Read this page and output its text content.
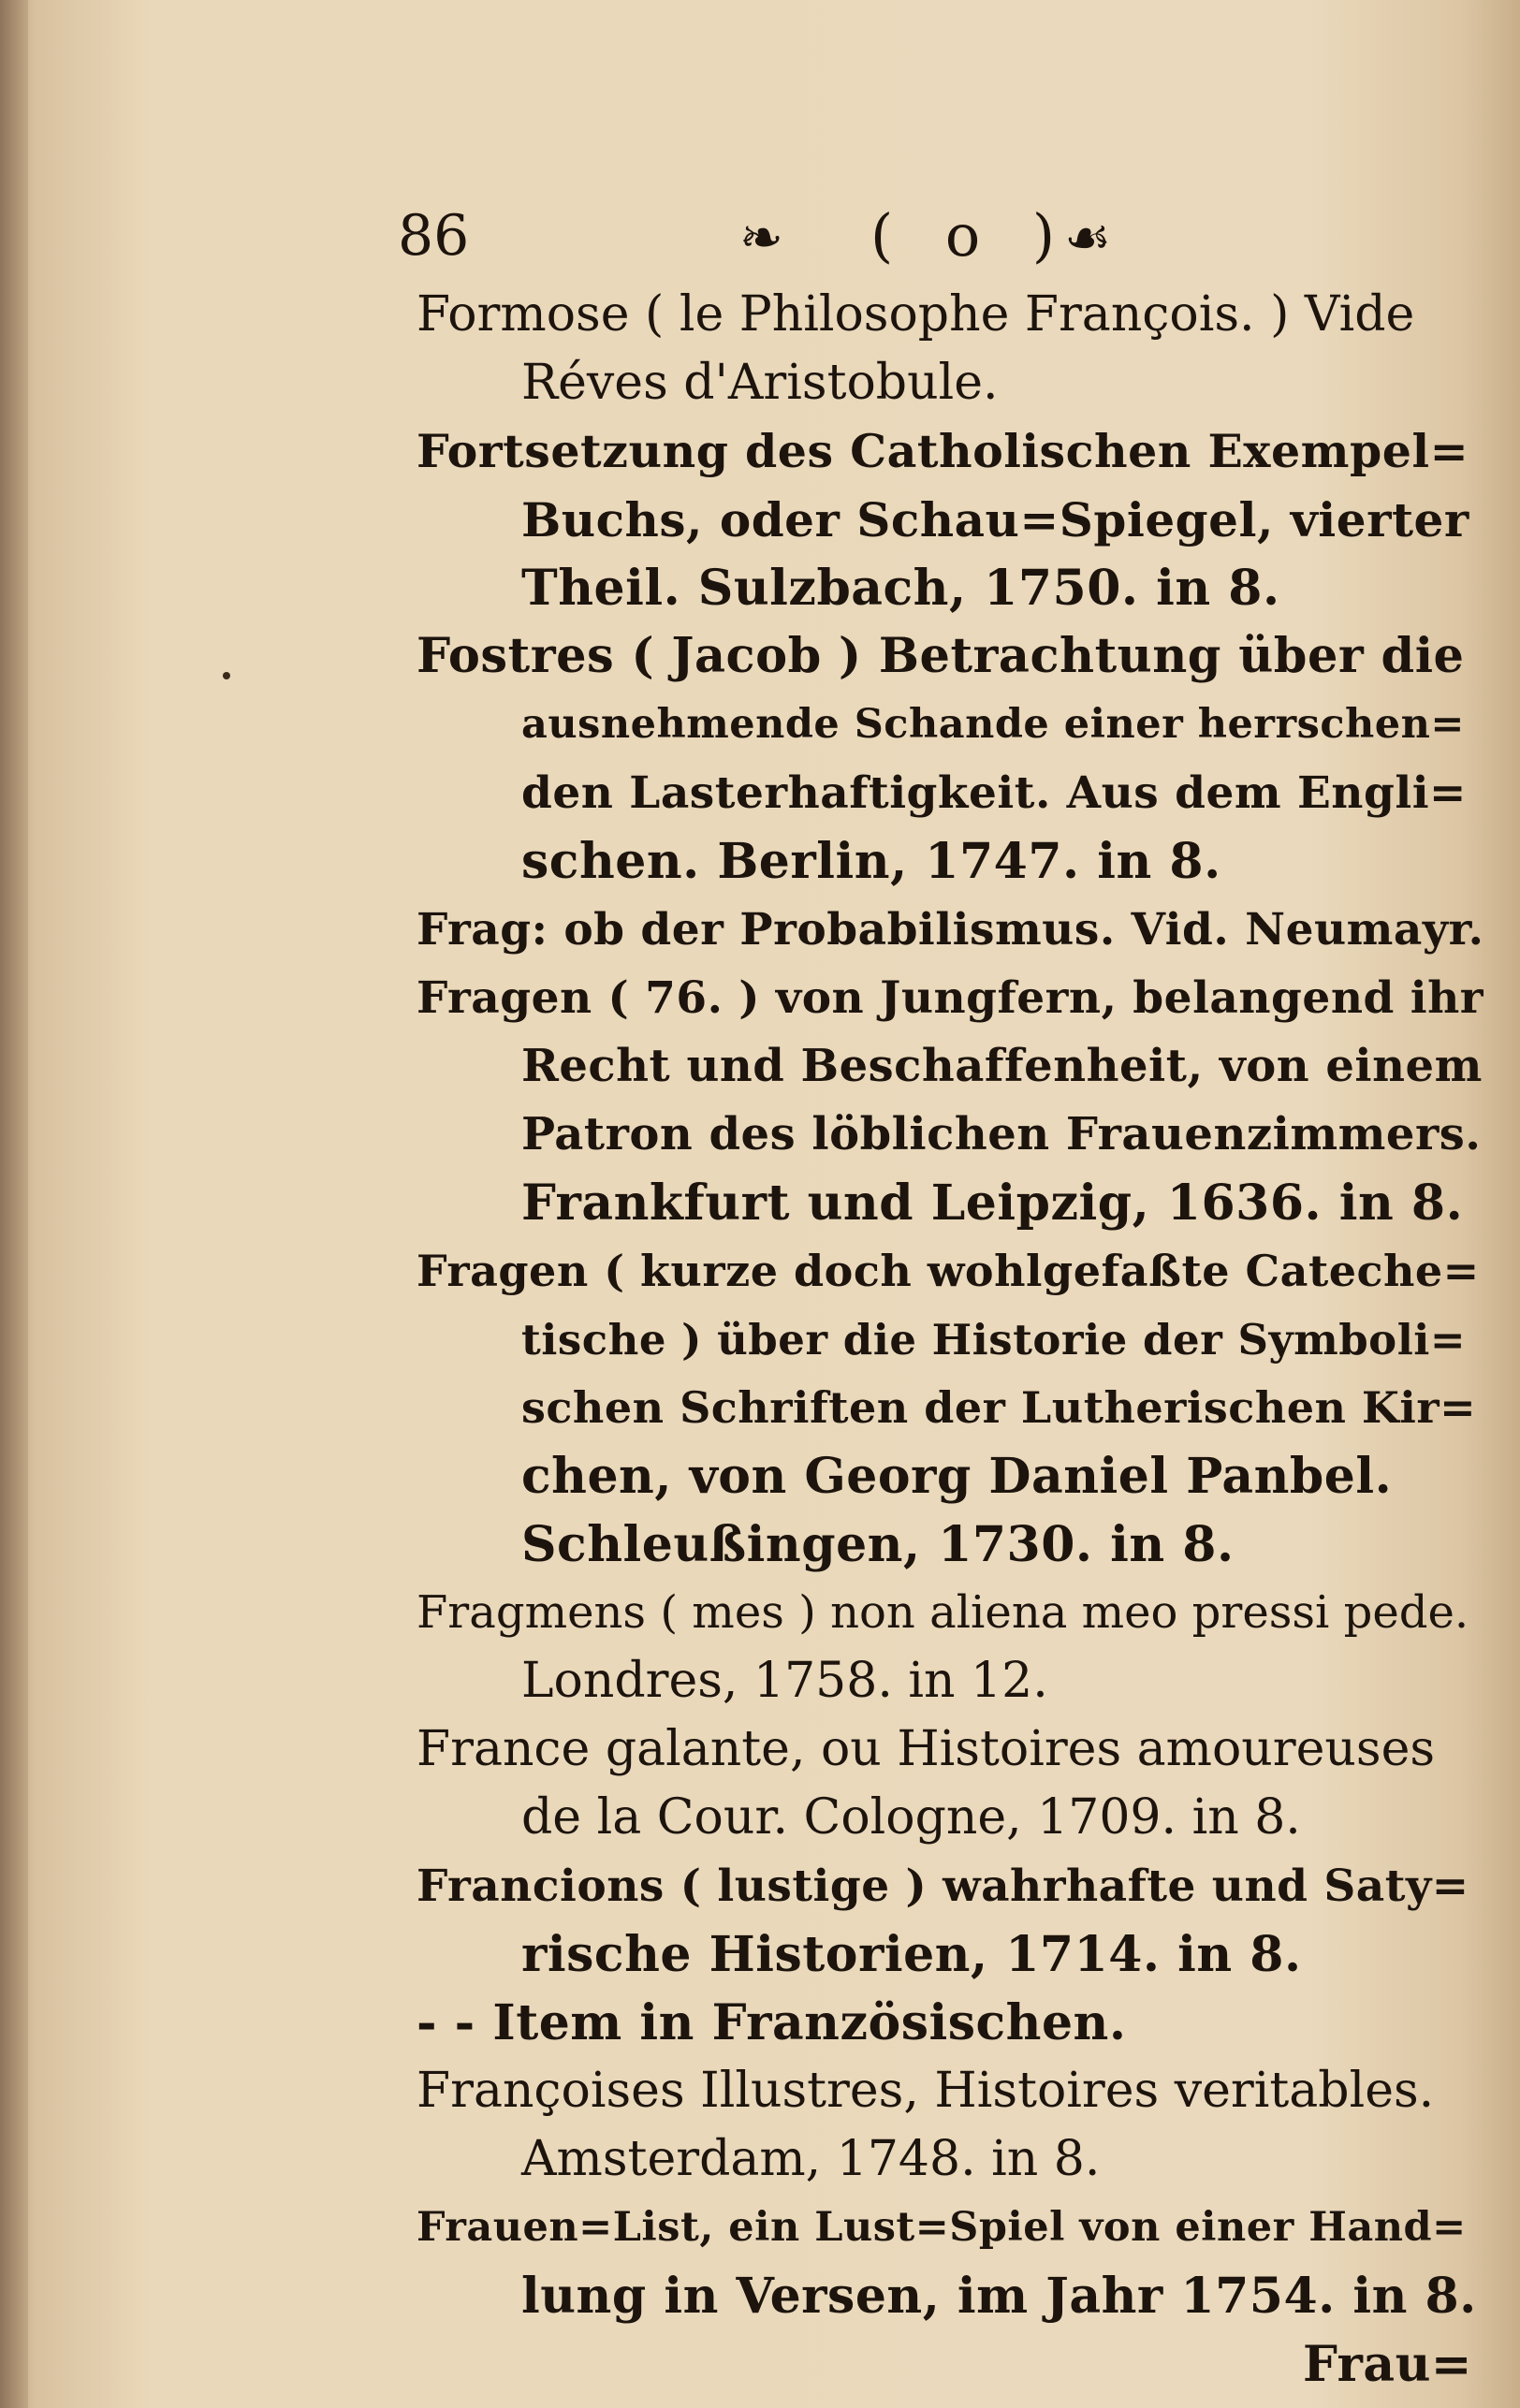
86	❧ ( o )
☙
Formose ( le Philosophe François. ) Vide
Réves d'Aristobule.
Fortsetzung des Catholischen Exempel=
Buchs, oder Schau=Spiegel, vierter
Theil. Sulzbach, 1750. in 8.
Fostres ( Jacob ) Betrachtung über die
ausnehmende Schande einer herrschen=
den Lasterhaftigkeit. Aus dem Engli=
schen. Berlin, 1747. in 8.
Frag: ob der Probabilismus. Vid. Neumayr.
Fragen ( 76. ) von Jungfern, belangend ihr
Recht und Beschaffenheit, von einem
Patron des löblichen Frauenzimmers.
Frankfurt und Leipzig, 1636. in 8.
Fragen ( kurze doch wohlgefaßte Cateche=
tische ) über die Historie der Symboli=
schen Schriften der Lutherischen Kir=
chen, von Georg Daniel Panbel.
Schleußingen, 1730. in 8.
Fragmens ( mes ) non aliena meo pressi pede.
Londres, 1758. in 12.
France galante, ou Histoires amoureuses
de la Cour. Cologne, 1709. in 8.
Francions ( lustige ) wahrhafte und Saty=
rische Historien, 1714. in 8.
- - Item in Französischen.
Françoises Illustres, Histoires veritables.
Amsterdam, 1748. in 8.
Frauen=List, ein Lust=Spiel von einer Hand=
lung in Versen, im Jahr 1754. in 8.
Frau=
